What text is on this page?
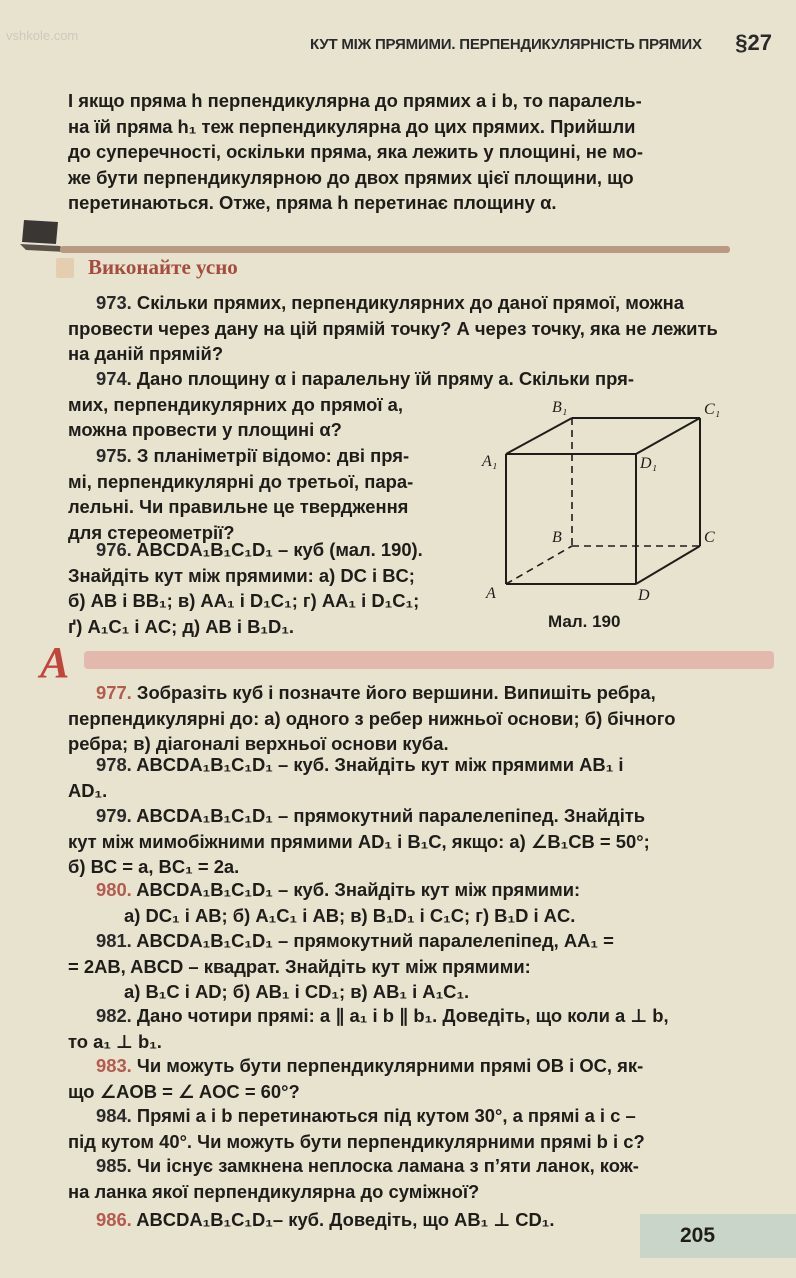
vshkole.com
КУТ МІЖ ПРЯМИМИ. ПЕРПЕНДИКУЛЯРНІСТЬ ПРЯМИХ §27
І якщо пряма h перпендикулярна до прямих a і b, то паралель-
на їй пряма h₁ теж перпендикулярна до цих прямих. Прийшли
до суперечності, оскільки пряма, яка лежить у площині, не мо-
же бути перпендикулярною до двох прямих цієї площини, що
перетинаються. Отже, пряма h перетинає площину α.
Виконайте усно
973. Скільки прямих, перпендикулярних до даної прямої, можна провести через дану на цій прямій точку? А через точку, яка не лежить на даній прямій?
974. Дано площину α і паралельну їй пряму a. Скільки пря-
мих, перпендикулярних до прямої a,
можна провести у площині α?
975. З планіметрії відомо: дві пря-
мі, перпендикулярні до третьої, пара-
лельні. Чи правильне це твердження
для стереометрії?
976. ABCDA₁B₁C₁D₁ – куб (мал. 190).
Знайдіть кут між прямими: а) DC і BC;
б) AB і BB₁; в) AA₁ і D₁C₁; г) AA₁ і D₁C₁;
ґ) A₁C₁ і AC; д) AB і B₁D₁.
B₁	C₁
A₁	D₁
B	C
A	D
Мал. 190
А
977. Зобразіть куб і позначте його вершини. Випишіть ребра, перпендикулярні до: а) одного з ребер нижньої основи; б) бічного ребра; в) діагоналі верхньої основи куба.
978. ABCDA₁B₁C₁D₁ – куб. Знайдіть кут між прямими AB₁ і
AD₁.
979. ABCDA₁B₁C₁D₁ – прямокутний паралелепіпед. Знайдіть
кут між мимобіжними прямими AD₁ і B₁C, якщо: а) ∠B₁CB = 50°;
б) BC = a, BC₁ = 2a.
980. ABCDA₁B₁C₁D₁ – куб. Знайдіть кут між прямими:
а) DC₁ і AB; б) A₁C₁ і AB; в) B₁D₁ і C₁C; г) B₁D і AC.
981. ABCDA₁B₁C₁D₁ – прямокутний паралелепіпед, AA₁ =
= 2AB, ABCD – квадрат. Знайдіть кут між прямими:
а) B₁C і AD; б) AB₁ і CD₁; в) AB₁ і A₁C₁.
982. Дано чотири прямі: a ∥ a₁ і b ∥ b₁. Доведіть, що коли a ⊥ b,
то a₁ ⊥ b₁.
983. Чи можуть бути перпендикулярними прямі OB і OC, як-
що ∠AOB = ∠ AOC = 60°?
984. Прямі a і b перетинаються під кутом 30°, а прямі a і c –
під кутом 40°. Чи можуть бути перпендикулярними прямі b і c?
985. Чи існує замкнена неплоска ламана з п’яти ланок, кож-
на ланка якої перпендикулярна до суміжної?
986. ABCDA₁B₁C₁D₁– куб. Доведіть, що AB₁ ⊥ CD₁.
205
